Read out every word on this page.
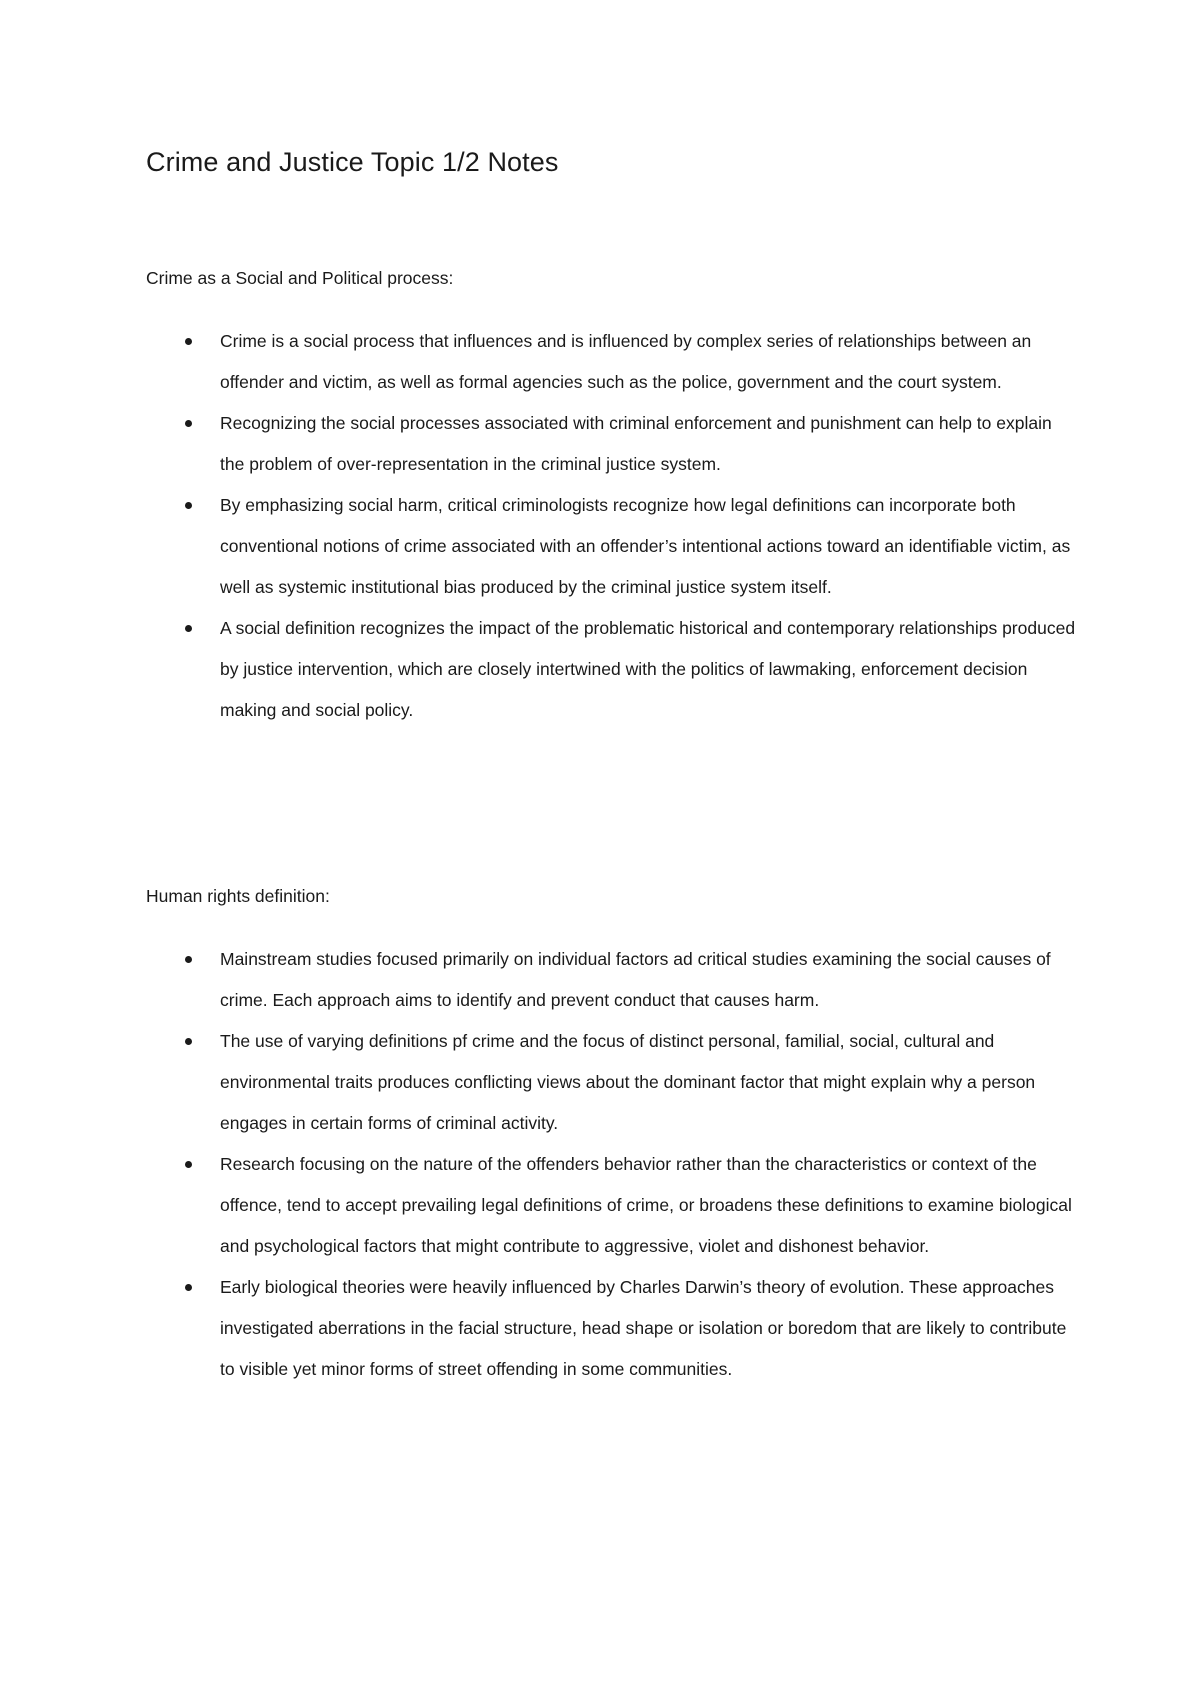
Crime and Justice Topic 1/2 Notes
Crime as a Social and Political process:
Crime is a social process that influences and is influenced by complex series of relationships between an offender and victim, as well as formal agencies such as the police, government and the court system.
Recognizing the social processes associated with criminal enforcement and punishment can help to explain the problem of over-representation in the criminal justice system.
By emphasizing social harm, critical criminologists recognize how legal definitions can incorporate both conventional notions of crime associated with an offender’s intentional actions toward an identifiable victim, as well as systemic institutional bias produced by the criminal justice system itself.
A social definition recognizes the impact of the problematic historical and contemporary relationships produced by justice intervention, which are closely intertwined with the politics of lawmaking, enforcement decision making and social policy.
Human rights definition:
Mainstream studies focused primarily on individual factors ad critical studies examining the social causes of crime. Each approach aims to identify and prevent conduct that causes harm.
The use of varying definitions pf crime and the focus of distinct personal, familial, social, cultural and environmental traits produces conflicting views about the dominant factor that might explain why a person engages in certain forms of criminal activity.
Research focusing on the nature of the offenders behavior rather than the characteristics or context of the offence, tend to accept prevailing legal definitions of crime, or broadens these definitions to examine biological and psychological factors that might contribute to aggressive, violet and dishonest behavior.
Early biological theories were heavily influenced by Charles Darwin’s theory of evolution. These approaches investigated aberrations in the facial structure, head shape or isolation or boredom that are likely to contribute to visible yet minor forms of street offending in some communities.
